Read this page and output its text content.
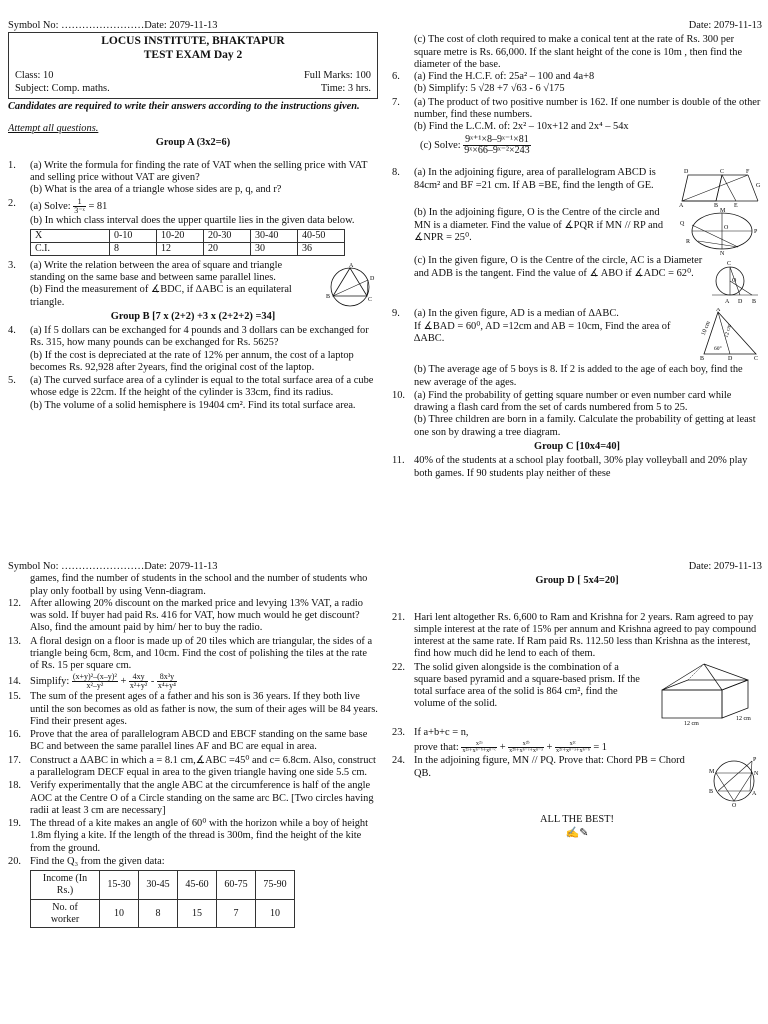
Symbol No: ……………………Date: 2079-11-13
LOCUS INSTITUTE, BHAKTAPUR
TEST EXAM Day 2
Class: 10	Full Marks: 100
Subject: Comp. maths.	Time: 3 hrs.
Candidates are required to write their answers according to the instructions given.
Attempt all questions.
Group A (3x2=6)
1.	(a) Write the formula for finding the rate of VAT when the selling price with VAT and selling price without VAT are given?
(b) What is the area of a triangle whose sides are p, q, and r?
2.	(a) Solve: $\frac{1}{\text{3⁻ˣ}} = 81$
(b) In which class interval does the upper quartile lies in the given data below.
X	0-10	10-20	20-30	30-40	40-50
C.I.	8	12	20	30	36
3.	(a) Write the relation between the area of square and triangle standing on the same base and between same parallel lines.
(b) Find the measurement of ∡BDC, if ∆ABC is an equilateral triangle.
A
D
B	C
Group B [7 x (2+2) +3 x (2+2+2) =34]
4.	(a) If 5 dollars can be exchanged for 4 pounds and 3 dollars can be exchanged for Rs. 315, how many pounds can be exchanged for Rs. 5625?
(b) If the cost is depreciated at the rate of 12% per annum, the cost of a laptop becomes Rs. 92,928 after 2years, find the original cost of the laptop.
5.	(a) The curved surface area of a cylinder is equal to the total surface area of a cube whose edge is 22cm. If the height of the cylinder is 33cm, find its radius.
(b) The volume of a solid hemisphere is 19404 cm². Find its total surface area.
Date: 2079-11-13
(c) The cost of cloth required to make a conical tent at the rate of Rs. 300 per square metre is Rs. 66,000. If the slant height of the cone is 10m , then find the diameter of the base.
6.	(a) Find the H.C.F. of: 25a² – 100 and 4a+8
(b) Simplify: 5 √28 +7 √63 - 6 √175
7.	(a) The product of two positive number is 162. If one number is double of the other number, find these numbers.
(b) Find the L.C.M. of: 2x² – 10x+12 and 2x⁴ – 54x
(c) Solve: $\frac{\text{9ˣ⁺¹×8–9ˣ⁻¹×81}}{\text{9ˣ×66–9ˣ⁻²×243}}$
8.	(a) In the adjoining figure, area of parallelogram ABCD is 84cm² and BF =21 cm. If AB =BE, find the length of GE.
D	C	F
G
A	B	E
(b) In the adjoining figure, O is the Centre of the circle and MN is a diameter. Find the value of ∡PQR if MN // RP and ∡NPR = 25⁰.
Q
M
O
P
N
R
(c) In the given figure, O is the Centre of the circle, AC is a Diameter and ADB is the tangent. Find the value of ∡ ABO if ∡ADC = 62⁰.
C
O
A D B
9.	(a) In the given figure, AD is a median of ∆ABC.
If ∡BAD = 60⁰, AD =12cm and AB = 10cm, Find the area of ∆ABC.
A
10 cm
60°
12 cm
B	D	C
(b) The average age of 5 boys is 8. If 2 is added to the age of each boy, find the new average of the ages.
10. (a) Find the probability of getting square number or even number card while drawing a flash card from the set of cards numbered from 5 to 25.
(b) Three children are born in a family. Calculate the probability of getting at least one son by drawing a tree diagram.
Group C [10x4=40]
11. 40% of the students at a school play football, 30% play volleyball and 20% play both games. If 90 students play neither of these
Symbol No: ……………………Date: 2079-11-13
games, find the number of students in the school and the number of students who play only football by using Venn-diagram.
12. After allowing 20% discount on the marked price and levying 13% VAT, a radio was sold. If buyer had paid Rs. 416 for VAT, how much would he get discount? Also, find the amount paid by him/ her to buy the radio.
13. A floral design on a floor is made up of 20 tiles which are triangular, the sides of a triangle being 6cm, 8cm, and 10cm. Find the cost of polishing the tiles at the rate of Rs. 15 per square cm.
14. Simplify: $\frac{\text{(x+y)²–(x–y)²}}{\text{x²–y²}} + \frac{4xy}{\text{x²+y²}} - \frac{\text{8x³y}}{\text{x⁴+y⁴}}$
15. The sum of the present ages of a father and his son is 36 years. If they both live until the son becomes as old as father is now, the sum of their ages will be 84 years. Find their present ages.
16. Prove that the area of parallelogram ABCD and EBCF standing on the same base BC and between the same parallel lines AF and BC are equal in area.
17. Construct a ∆ABC in which a = 8.1 cm,∡ABC =45⁰ and c= 6.8cm. Also, construct a parallelogram DECF equal in area to the given triangle having one side 5.5 cm.
18. Verify experimentally that the angle ABC at the circumference is half of the angle AOC at the Centre O of a Circle standing on the same arc BC. [Two circles having radii at least 3 cm are necessary]
19. The thread of a kite makes an angle of 60⁰ with the horizon while a boy of height 1.8m flying a kite. If the length of the thread is 300m, find the height of the kite from the ground.
20. Find the Q₃ from the given data:
Income (In Rs.)	15-30	30-45	45-60	60-75	75-90
No. of worker	10	8	15	7	10
Date: 2079-11-13
Group D [ 5x4=20]
21. Hari lent altogether Rs. 6,600 to Ram and Krishna for 2 years. Ram agreed to pay simple interest at the rate of 15% per annum and Krishna agreed to pay compound interest at the same rate. If Ram paid Rs. 112.50 less than Krishna as the interest, find how much did he lend to each of them.
22. The solid given alongside is the combination of a square based pyramid and a square-based prism. If the total surface area of the solid is 864 cm², find the volume of the solid.
12 cm
12 cm
23. If a+b+c = n,
prove that: $\frac{\text{x²ᵃ}}{\text{x²ᵃ+xⁿ⁻ᵇ+xⁿ⁻ᶜ}} + \frac{\text{x²ᵇ}}{\text{x²ᵇ+xⁿ⁻ᶜ+xⁿ⁻ᵃ}} + \frac{\text{x²ᶜ}}{\text{x²ᶜ+xⁿ⁻ᵃ+xⁿ⁻ᵇ}} = 1$
24. In the adjoining figure, MN // PQ. Prove that: Chord PB = Chord QB.
P
M	N
B	A
Q
ALL THE BEST!
✍✎
